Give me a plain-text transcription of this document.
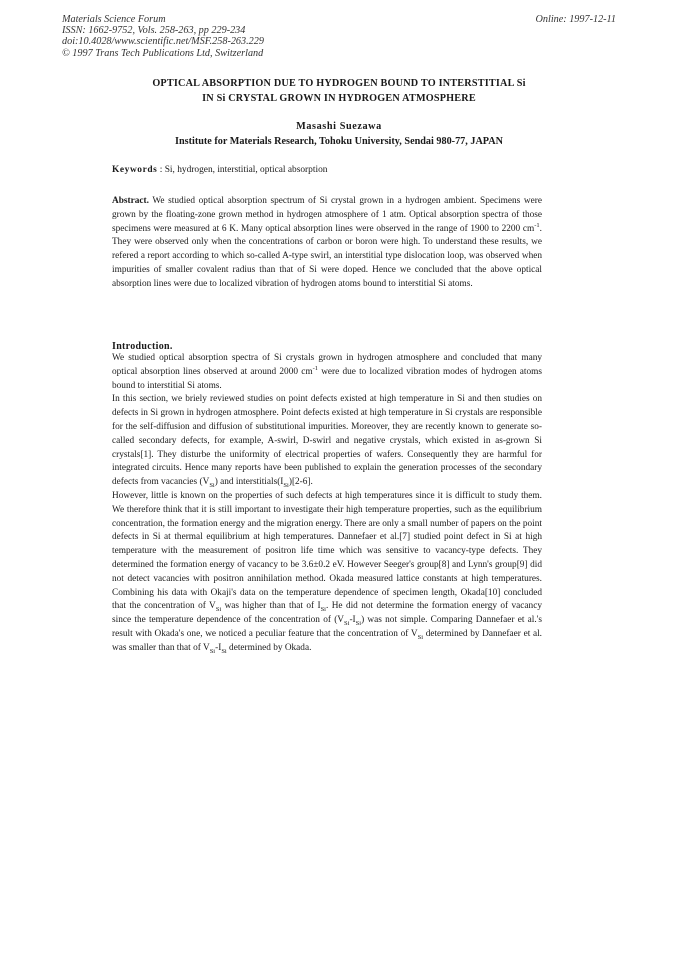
Materials Science Forum
ISSN: 1662-9752, Vols. 258-263, pp 229-234
doi:10.4028/www.scientific.net/MSF.258-263.229
© 1997 Trans Tech Publications Ltd, Switzerland
Online: 1997-12-11
OPTICAL ABSORPTION DUE TO HYDROGEN BOUND TO INTERSTITIAL Si
IN Si CRYSTAL GROWN IN HYDROGEN ATMOSPHERE
Masashi Suezawa
Institute for Materials Research, Tohoku University, Sendai 980-77, JAPAN
Keywords : Si, hydrogen, interstitial, optical absorption

Abstract. We studied optical absorption spectrum of Si crystal grown in a hydrogen ambient. Specimens were grown by the floating-zone grown method in hydrogen atmosphere of 1 atm. Optical absorption spectra of those specimens were measured at 6 K. Many optical absorption lines were observed in the range of 1900 to 2200 $cm^{-1}$. They were observed only when the concentrations of carbon or boron were high. To understand these results, we refered a report according to which so-called A-type swirl, an interstitial type dislocation loop, was observed when impurities of smaller covalent radius than that of Si were doped. Hence we concluded that the above optical absorption lines were due to localized vibration of hydrogen atoms bound to interstitial Si atoms.

Introduction.

We studied optical absorption spectra of Si crystals grown in hydrogen atmosphere and concluded that many optical absorption lines observed at around 2000 $cm^{-1}$ were due to localized vibration modes of hydrogen atoms bound to interstitial Si atoms.

In this section, we briely reviewed studies on point defects existed at high temperature in Si and then studies on defects in Si grown in hydrogen atmosphere. Point defects existed at high temperature in Si crystals are responsible for the self-diffusion and diffusion of substitutional impurities. Moreover, they are recently known to generate so-called secondary defects, for example, A-swirl, D-swirl and negative crystals, which existed in as-grown Si crystals[1]. They disturbe the uniformity of electrical properties of wafers. Consequently they are harmful for integrated circuits. Hence many reports have been published to explain the generation processes of the secondary defects from vacancies $(V_{Si})$ and $interstitials(I_{Si})[2-6]$.

However, little is known on the properties of such defects at high temperatures since it is difficult to study them. We therefore think that it is still important to investigate their high temperature properties, such as the equilibrium concentration, the formation energy and the migration energy. There are only a small number of papers on the point defects in Si at thermal equilibrium at high temperatures. Dannefaer et al.[7] studied point defect in Si at high temperature with the measurement of positron life time which was sensitive to vacancy-type defects. They determined the formation energy of vacancy to be 3.6±0.2 eV. However Seeger's group[8] and Lynn's group[9] did not detect vacancies with positron annihilation method. Okada measured lattice constants at high temperatures. Combining his data with Okaji's data on the temperature dependence of specimen length, Okada[10] concluded that the concentration of $V_{Si}$ was higher than that of $I_{Si}$. He did not determine the formation energy of vacancy since the temperature dependence of the concentration of $(V_{Si}-I_{Si})$ was not simple. Comparing Dannefaer et al.'s result with Okada's one, we noticed a peculiar feature that the concentration of $V_{Si}$ determined by Dannefaer et al. was smaller than that of $V_{Si}-I_{Si}$ determined by Okada.
